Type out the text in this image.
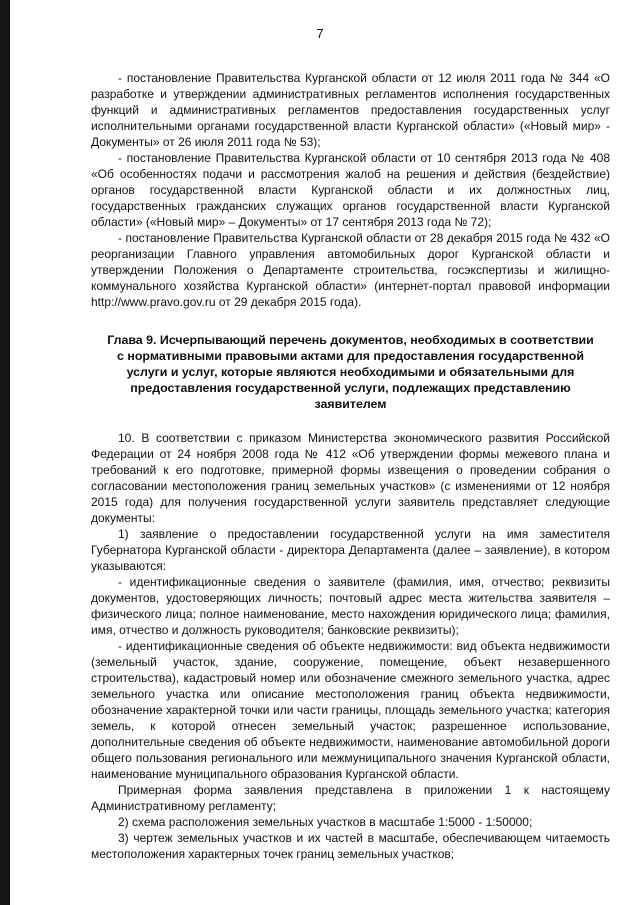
7

- постановление Правительства Курганской области от 12 июля 2011 года № 344 «О разработке и утверждении административных регламентов исполнения государственных функций и административных регламентов предоставления государственных услуг исполнительными органами государственной власти Курганской области» («Новый мир» - Документы» от 26 июля 2011 года № 53);

- постановление Правительства Курганской области от 10 сентября 2013 года № 408 «Об особенностях подачи и рассмотрения жалоб на решения и действия (бездействие) органов государственной власти Курганской области и их должностных лиц, государственных гражданских служащих органов государственной власти Курганской области» («Новый мир» – Документы» от 17 сентября 2013 года № 72);

- постановление Правительства Курганской области от 28 декабря 2015 года № 432 «О реорганизации Главного управления автомобильных дорог Курганской области и утверждении Положения о Департаменте строительства, госэкспертизы и жилищно-коммунального хозяйства Курганской области» (интернет-портал правовой информации http://www.pravo.gov.ru от 29 декабря 2015 года).

Глава 9. Исчерпывающий перечень документов, необходимых в соответствии с нормативными правовыми актами для предоставления государственной услуги и услуг, которые являются необходимыми и обязательными для предоставления государственной услуги, подлежащих представлению заявителем

10. В соответствии с приказом Министерства экономического развития Российской Федерации от 24 ноября 2008 года № 412 «Об утверждении формы межевого плана и требований к его подготовке, примерной формы извещения о проведении собрания о согласовании местоположения границ земельных участков» (с изменениями от 12 ноября 2015 года) для получения государственной услуги заявитель представляет следующие документы:

1) заявление о предоставлении государственной услуги на имя заместителя Губернатора Курганской области - директора Департамента (далее – заявление), в котором указываются:

- идентификационные сведения о заявителе (фамилия, имя, отчество; реквизиты документов, удостоверяющих личность; почтовый адрес места жительства заявителя – физического лица; полное наименование, место нахождения юридического лица; фамилия, имя, отчество и должность руководителя; банковские реквизиты);

- идентификационные сведения об объекте недвижимости: вид объекта недвижимости (земельный участок, здание, сооружение, помещение, объект незавершенного строительства), кадастровый номер или обозначение смежного земельного участка, адрес земельного участка или описание местоположения границ объекта недвижимости, обозначение характерной точки или части границы, площадь земельного участка; категория земель, к которой отнесен земельный участок; разрешенное использование, дополнительные сведения об объекте недвижимости, наименование автомобильной дороги общего пользования регионального или межмуниципального значения Курганской области, наименование муниципального образования Курганской области.

Примерная форма заявления представлена в приложении 1 к настоящему Административному регламенту;

2) схема расположения земельных участков в масштабе 1:5000 - 1:50000;

3) чертеж земельных участков и их частей в масштабе, обеспечивающем читаемость местоположения характерных точек границ земельных участков;
